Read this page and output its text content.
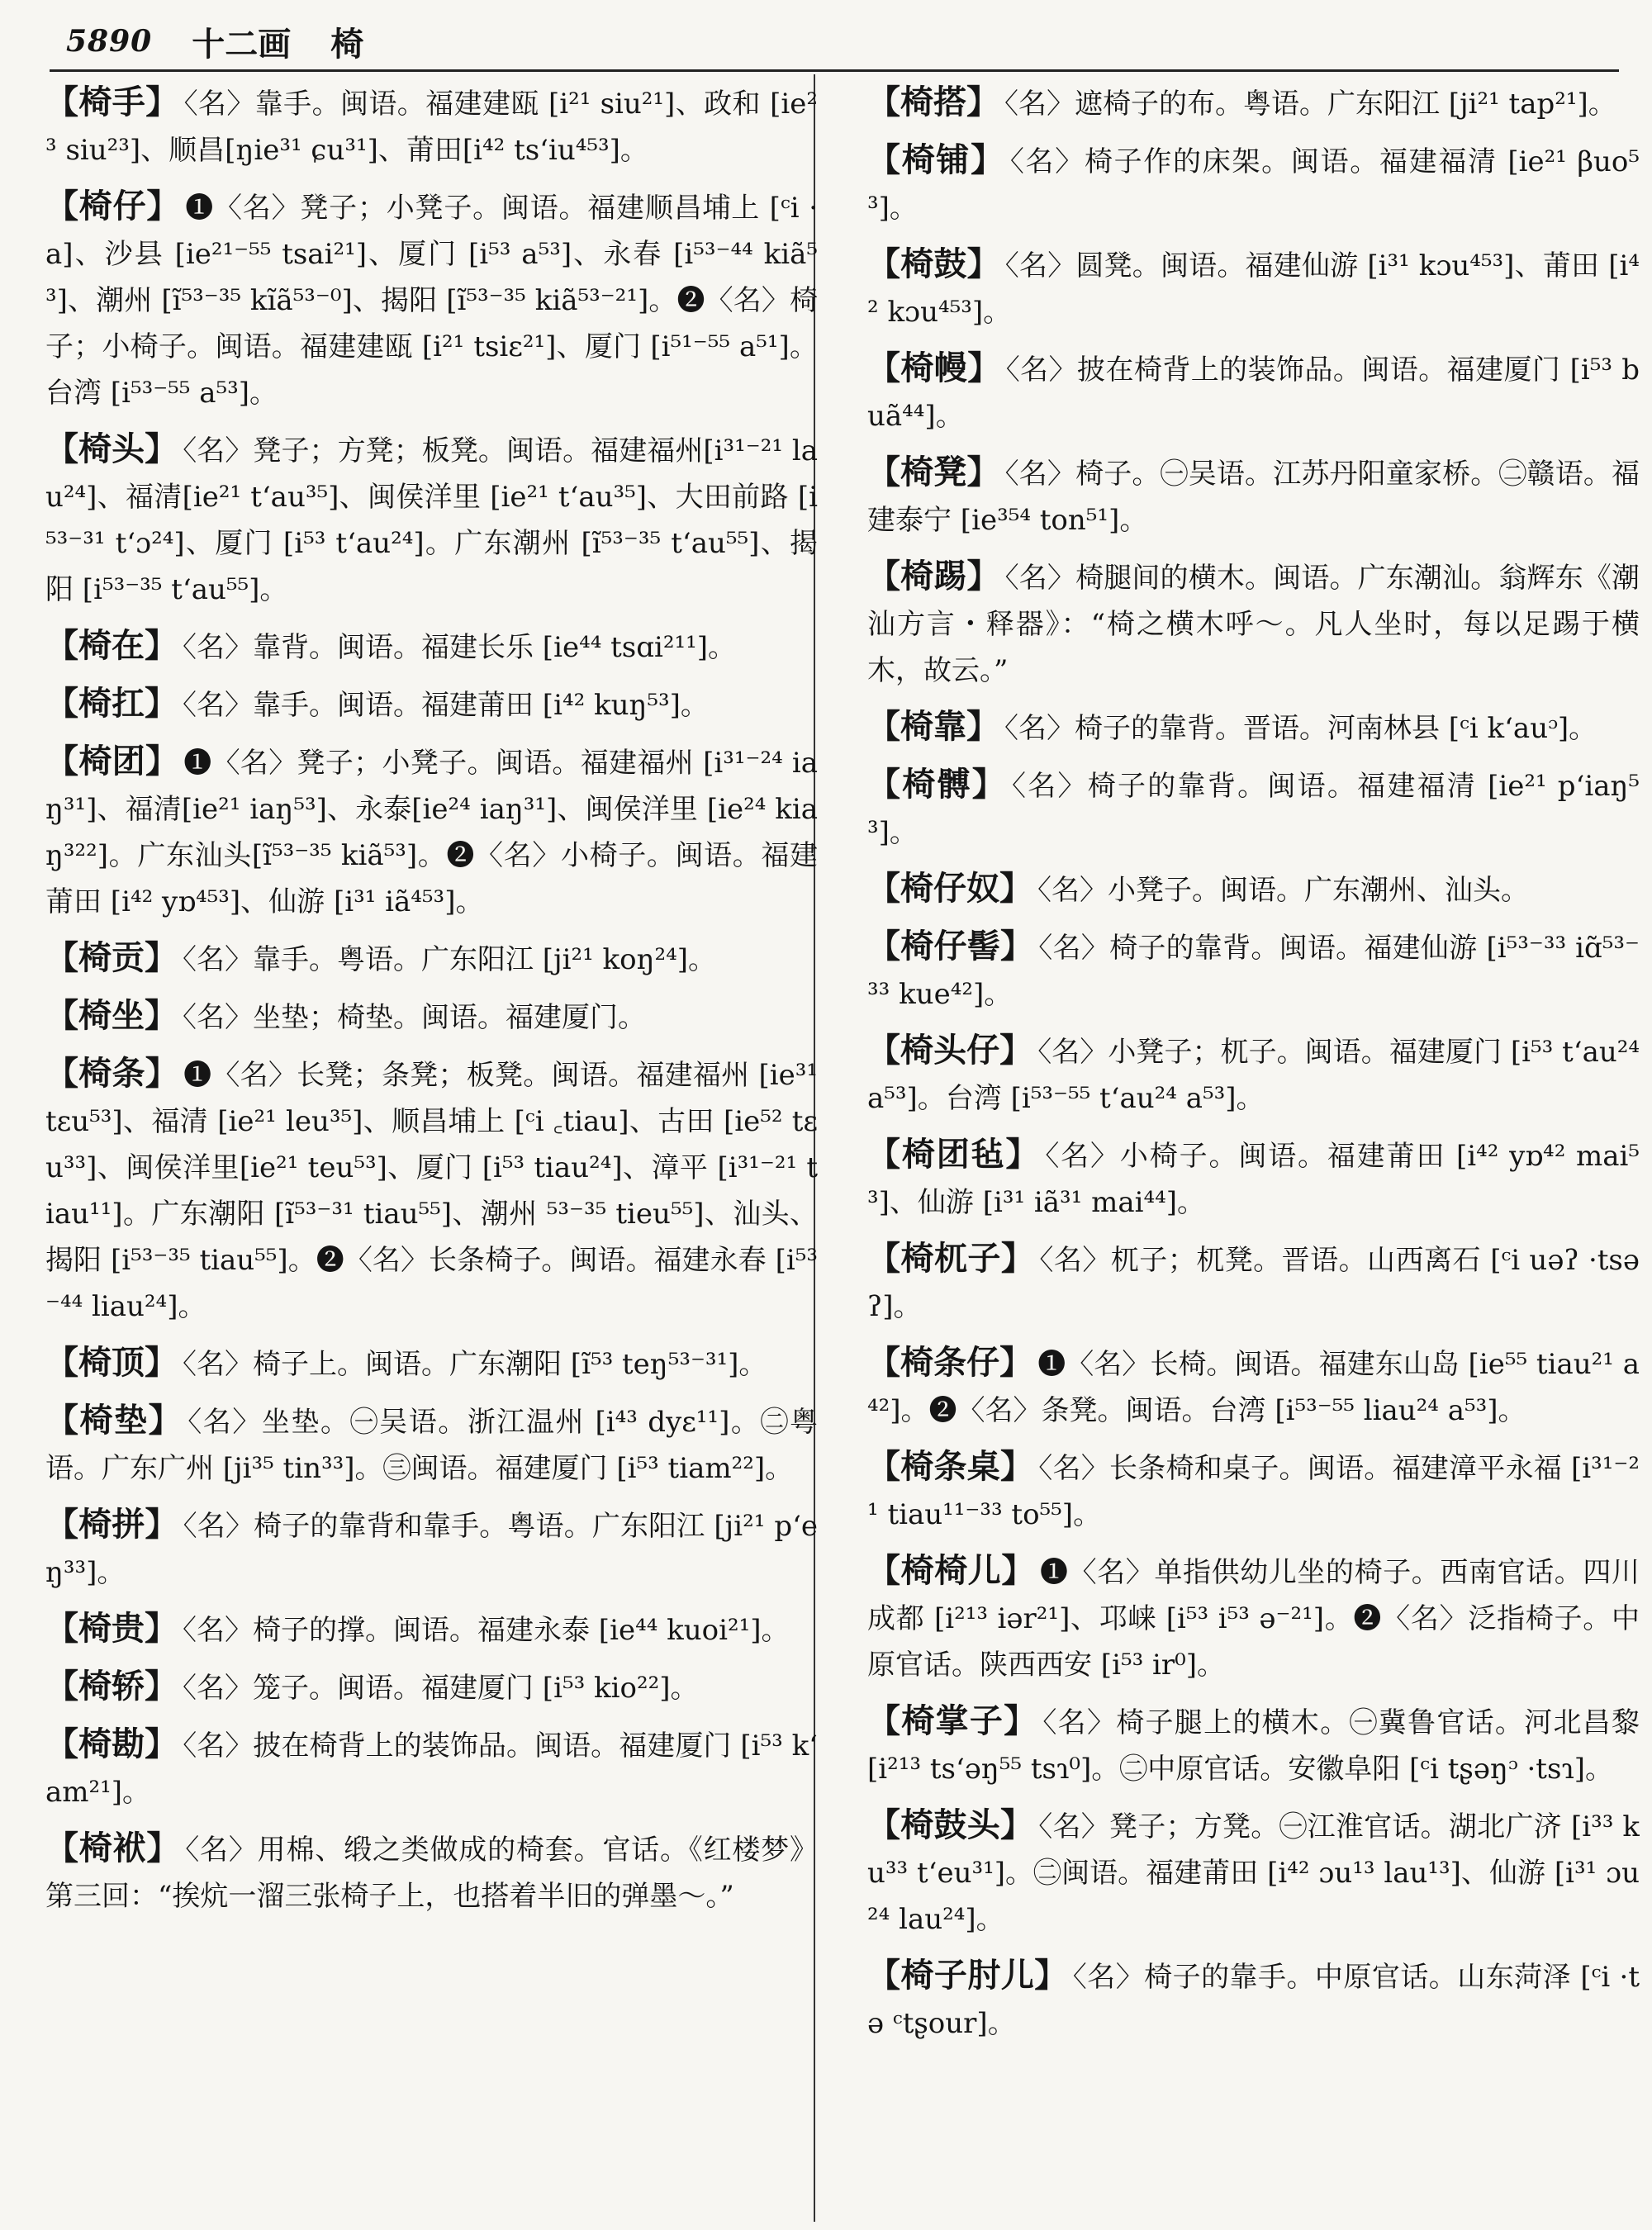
5890 十二画 椅

【椅手】 〈名〉靠手。闽语。福建建瓯 [i²¹ siu²¹]、政和 [ie²³ siu²³]、顺昌[ŋie³¹ ɕu³¹]、莆田[i⁴² tsʻiu⁴⁵³]。

【椅仔】 ❶〈名〉凳子；小凳子。闽语。福建顺昌埔上 [ᶜi ·a]、沙县 [ie²¹⁻⁵⁵ tsai²¹]、厦门 [i⁵³ a⁵³]、永春 [i⁵³⁻⁴⁴ kiã⁵³]、潮州 [ĩ⁵³⁻³⁵ kĩã⁵³⁻⁰]、揭阳 [ĩ⁵³⁻³⁵ kiã⁵³⁻²¹]。❷〈名〉椅子；小椅子。闽语。福建建瓯 [i²¹ tsiɛ²¹]、厦门 [i⁵¹⁻⁵⁵ a⁵¹]。台湾 [i⁵³⁻⁵⁵ a⁵³]。

【椅头】 〈名〉凳子；方凳；板凳。闽语。福建福州[i³¹⁻²¹ lau²⁴]、福清[ie²¹ tʻau³⁵]、闽侯洋里 [ie²¹ tʻau³⁵]、大田前路 [i⁵³⁻³¹ tʻɔ²⁴]、厦门 [i⁵³ tʻau²⁴]。广东潮州 [ĩ⁵³⁻³⁵ tʻau⁵⁵]、揭阳 [i⁵³⁻³⁵ tʻau⁵⁵]。

【椅在】 〈名〉靠背。闽语。福建长乐 [ie⁴⁴ tsɑi²¹¹]。

【椅扛】 〈名〉靠手。闽语。福建莆田 [i⁴² kuŋ⁵³]。

【椅团】 ❶〈名〉凳子；小凳子。闽语。福建福州 [i³¹⁻²⁴ iaŋ³¹]、福清[ie²¹ iaŋ⁵³]、永泰[ie²⁴ iaŋ³¹]、闽侯洋里 [ie²⁴ kiaŋ³²²]。广东汕头[ĩ⁵³⁻³⁵ kiã⁵³]。❷〈名〉小椅子。闽语。福建莆田 [i⁴² yɒ⁴⁵³]、仙游 [i³¹ iã⁴⁵³]。

【椅贡】 〈名〉靠手。粤语。广东阳江 [ji²¹ koŋ²⁴]。

【椅坐】 〈名〉坐垫；椅垫。闽语。福建厦门。

【椅条】 ❶〈名〉长凳；条凳；板凳。闽语。福建福州 [ie³¹ tɛu⁵³]、福清 [ie²¹ leu³⁵]、顺昌埔上 [ᶜi ꜀tiau]、古田 [ie⁵² tɛu³³]、闽侯洋里[ie²¹ teu⁵³]、厦门 [i⁵³ tiau²⁴]、漳平 [i³¹⁻²¹ tiau¹¹]。广东潮阳 [ĩ⁵³⁻³¹ tiau⁵⁵]、潮州 ⁵³⁻³⁵ tieu⁵⁵]、汕头、揭阳 [i⁵³⁻³⁵ tiau⁵⁵]。❷〈名〉长条椅子。闽语。福建永春 [i⁵³⁻⁴⁴ liau²⁴]。

【椅顶】 〈名〉椅子上。闽语。广东潮阳 [ĩ⁵³ teŋ⁵³⁻³¹]。

【椅垫】 〈名〉坐垫。㊀吴语。浙江温州 [i⁴³ dyɛ¹¹]。㊁粤语。广东广州 [ji³⁵ tin³³]。㊂闽语。福建厦门 [i⁵³ tiam²²]。

【椅拼】 〈名〉椅子的靠背和靠手。粤语。广东阳江 [ji²¹ pʻeŋ³³]。

【椅贵】 〈名〉椅子的撑。闽语。福建永泰 [ie⁴⁴ kuoi²¹]。

【椅轿】 〈名〉笼子。闽语。福建厦门 [i⁵³ kio²²]。

【椅勘】 〈名〉披在椅背上的装饰品。闽语。福建厦门 [i⁵³ kʻam²¹]。

【椅袱】 〈名〉用棉、缎之类做成的椅套。官话。《红楼梦》第三回：“挨炕一溜三张椅子上，也搭着半旧的弹墨～。”

【椅搭】 〈名〉遮椅子的布。粤语。广东阳江 [ji²¹ tap²¹]。

【椅铺】 〈名〉椅子作的床架。闽语。福建福清 [ie²¹ βuo⁵³]。

【椅鼓】 〈名〉圆凳。闽语。福建仙游 [i³¹ kɔu⁴⁵³]、莆田 [i⁴² kɔu⁴⁵³]。

【椅幔】 〈名〉披在椅背上的装饰品。闽语。福建厦门 [i⁵³ buã⁴⁴]。

【椅凳】 〈名〉椅子。㊀吴语。江苏丹阳童家桥。㊁赣语。福建泰宁 [ie³⁵⁴ ton⁵¹]。

【椅踢】 〈名〉椅腿间的横木。闽语。广东潮汕。翁辉东《潮汕方言・释器》：“椅之横木呼～。凡人坐时，每以足踢于横木，故云。”

【椅靠】 〈名〉椅子的靠背。晋语。河南林县 [ᶜi kʻauᵓ]。

【椅髆】 〈名〉椅子的靠背。闽语。福建福清 [ie²¹ pʻiaŋ⁵³]。

【椅仔奴】 〈名〉小凳子。闽语。广东潮州、汕头。

【椅仔髻】 〈名〉椅子的靠背。闽语。福建仙游 [i⁵³⁻³³ iɑ̃⁵³⁻³³ kue⁴²]。

【椅头仔】 〈名〉小凳子；杌子。闽语。福建厦门 [i⁵³ tʻau²⁴ a⁵³]。台湾 [i⁵³⁻⁵⁵ tʻau²⁴ a⁵³]。

【椅团毡】 〈名〉小椅子。闽语。福建莆田 [i⁴² yɒ⁴² mai⁵³]、仙游 [i³¹ iã³¹ mai⁴⁴]。

【椅杌子】 〈名〉杌子；杌凳。晋语。山西离石 [ᶜi uəʔ ·tsəʔ]。

【椅条仔】 ❶〈名〉长椅。闽语。福建东山岛 [ie⁵⁵ tiau²¹ a⁴²]。❷〈名〉条凳。闽语。台湾 [i⁵³⁻⁵⁵ liau²⁴ a⁵³]。

【椅条桌】 〈名〉长条椅和桌子。闽语。福建漳平永福 [i³¹⁻²¹ tiau¹¹⁻³³ to⁵⁵]。

【椅椅儿】 ❶〈名〉单指供幼儿坐的椅子。西南官话。四川成都 [i²¹³ iər²¹]、邛崃 [i⁵³ i⁵³ ə⁻²¹]。❷〈名〉泛指椅子。中原官话。陕西西安 [i⁵³ ir⁰]。

【椅掌子】 〈名〉椅子腿上的横木。㊀冀鲁官话。河北昌黎 [i²¹³ tsʻəŋ⁵⁵ tsɿ⁰]。㊁中原官话。安徽阜阳 [ᶜi tʂəŋᵓ ·tsɿ]。

【椅鼓头】 〈名〉凳子；方凳。㊀江淮官话。湖北广济 [i³³ ku³³ tʻeu³¹]。㊁闽语。福建莆田 [i⁴² ɔu¹³ lau¹³]、仙游 [i³¹ ɔu²⁴ lau²⁴]。

【椅子肘儿】 〈名〉椅子的靠手。中原官话。山东菏泽 [ᶜi ·tə ᶜtʂour]。
